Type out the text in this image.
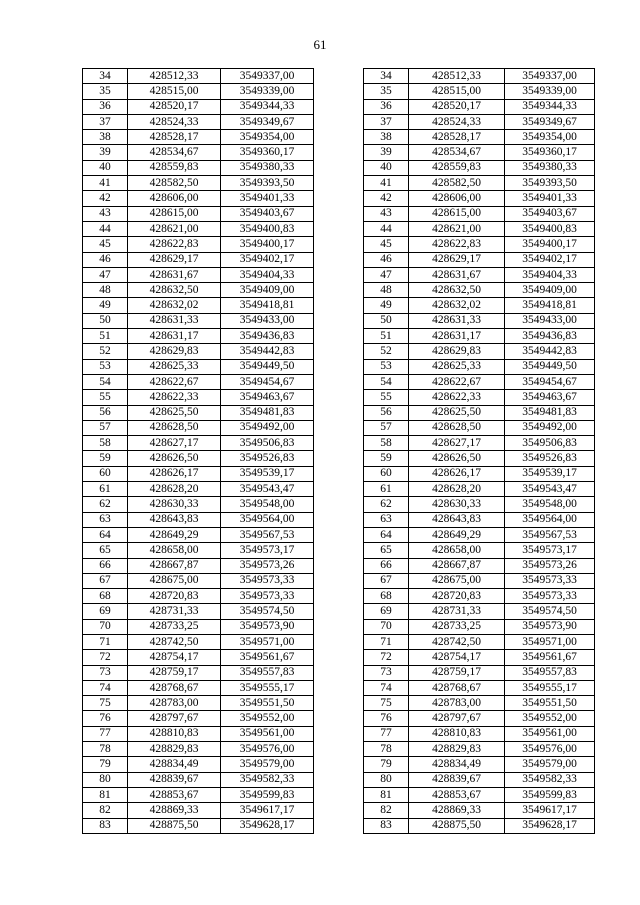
61
34	428512,33	3549337,00		34	428512,33	3549337,00
35	428515,00	3549339,00		35	428515,00	3549339,00
36	428520,17	3549344,33		36	428520,17	3549344,33
37	428524,33	3549349,67		37	428524,33	3549349,67
38	428528,17	3549354,00		38	428528,17	3549354,00
39	428534,67	3549360,17		39	428534,67	3549360,17
40	428559,83	3549380,33		40	428559,83	3549380,33
41	428582,50	3549393,50		41	428582,50	3549393,50
42	428606,00	3549401,33		42	428606,00	3549401,33
43	428615,00	3549403,67		43	428615,00	3549403,67
44	428621,00	3549400,83		44	428621,00	3549400,83
45	428622,83	3549400,17		45	428622,83	3549400,17
46	428629,17	3549402,17		46	428629,17	3549402,17
47	428631,67	3549404,33		47	428631,67	3549404,33
48	428632,50	3549409,00		48	428632,50	3549409,00
49	428632,02	3549418,81		49	428632,02	3549418,81
50	428631,33	3549433,00		50	428631,33	3549433,00
51	428631,17	3549436,83		51	428631,17	3549436,83
52	428629,83	3549442,83		52	428629,83	3549442,83
53	428625,33	3549449,50		53	428625,33	3549449,50
54	428622,67	3549454,67		54	428622,67	3549454,67
55	428622,33	3549463,67		55	428622,33	3549463,67
56	428625,50	3549481,83		56	428625,50	3549481,83
57	428628,50	3549492,00		57	428628,50	3549492,00
58	428627,17	3549506,83		58	428627,17	3549506,83
59	428626,50	3549526,83		59	428626,50	3549526,83
60	428626,17	3549539,17		60	428626,17	3549539,17
61	428628,20	3549543,47		61	428628,20	3549543,47
62	428630,33	3549548,00		62	428630,33	3549548,00
63	428643,83	3549564,00		63	428643,83	3549564,00
64	428649,29	3549567,53		64	428649,29	3549567,53
65	428658,00	3549573,17		65	428658,00	3549573,17
66	428667,87	3549573,26		66	428667,87	3549573,26
67	428675,00	3549573,33		67	428675,00	3549573,33
68	428720,83	3549573,33		68	428720,83	3549573,33
69	428731,33	3549574,50		69	428731,33	3549574,50
70	428733,25	3549573,90		70	428733,25	3549573,90
71	428742,50	3549571,00		71	428742,50	3549571,00
72	428754,17	3549561,67		72	428754,17	3549561,67
73	428759,17	3549557,83		73	428759,17	3549557,83
74	428768,67	3549555,17		74	428768,67	3549555,17
75	428783,00	3549551,50		75	428783,00	3549551,50
76	428797,67	3549552,00		76	428797,67	3549552,00
77	428810,83	3549561,00		77	428810,83	3549561,00
78	428829,83	3549576,00		78	428829,83	3549576,00
79	428834,49	3549579,00		79	428834,49	3549579,00
80	428839,67	3549582,33		80	428839,67	3549582,33
81	428853,67	3549599,83		81	428853,67	3549599,83
82	428869,33	3549617,17		82	428869,33	3549617,17
83	428875,50	3549628,17		83	428875,50	3549628,17
